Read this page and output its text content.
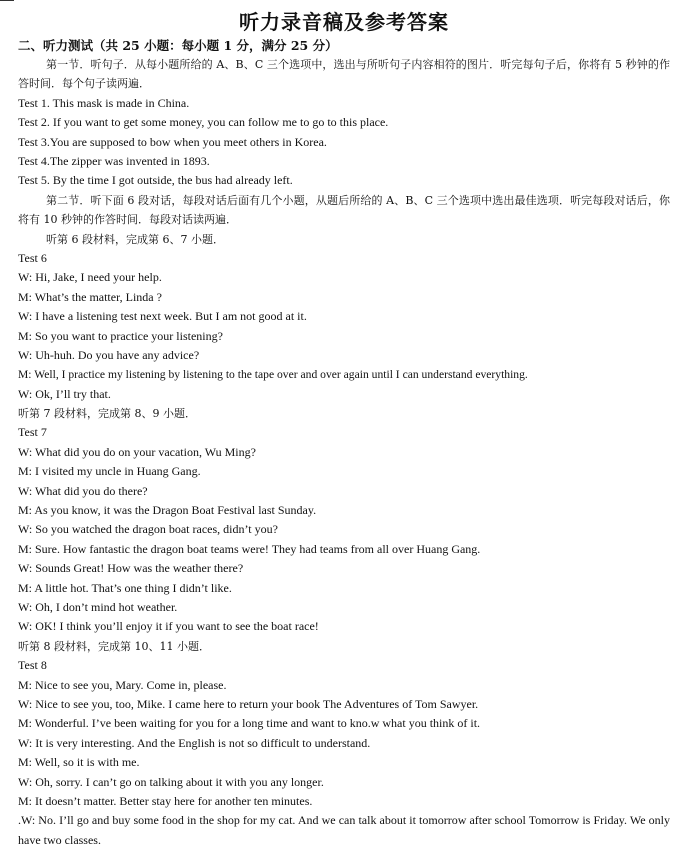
听力录音稿及参考答案
二、听力测试（共 25 小题：每小题 1 分，满分 25 分）
第一节．听句子．从每小题所给的 A、B、C 三个选项中，选出与所听句子内容相符的图片．听完每句子后，你将有 5 秒钟的作答时间．每个句子读两遍．
Test 1. This mask is made in China.
Test 2. If you want to get some money, you can follow me to go to this place.
Test 3.You are supposed to bow when you meet others in Korea.
Test 4.The zipper was invented in 1893.
Test 5. By the time I got outside, the bus had already left.
第二节．听下面 6 段对话，每段对话后面有几个小题，从题后所给的 A、B、C 三个选项中选出最佳选项．听完每段对话后，你将有 10 秒钟的作答时间．每段对话读两遍．
听第 6 段材料，完成第 6、7 小题．
Test 6
W: Hi, Jake, I need your help.
M: What’s the matter, Linda ?
W: I have a listening test next week. But I am not good at it.
M: So you want to practice your listening?
W: Uh-huh. Do you have any advice?
M: Well, I practice my listening by listening to the tape over and over again until I can understand everything.
W: Ok, I’ll try that.
听第 7 段材料，完成第 8、9 小题．
Test 7
W: What did you do on your vacation, Wu Ming?
M: I visited my uncle in Huang Gang.
W: What did you do there?
M: As you know, it was the Dragon Boat Festival last Sunday.
W: So you watched the dragon boat races, didn’t you?
M: Sure. How fantastic the dragon boat teams were! They had teams from all over Huang Gang.
W: Sounds Great! How was the weather there?
M: A little hot. That’s one thing I didn’t like.
W: Oh, I don’t mind hot weather.
W: OK! I think you’ll enjoy it if you want to see the boat race!
听第 8 段材料，完成第 10、11 小题．
Test 8
M: Nice to see you, Mary. Come in, please.
W: Nice to see you, too, Mike. I came here to return your book The Adventures of Tom Sawyer.
M: Wonderful. I’ve been waiting for you for a long time and want to kno.w what you think of it.
W: It is very interesting. And the English is not so difficult to understand.
M: Well, so it is with me.
W: Oh, sorry. I can’t go on talking about it with you any longer.
M: It doesn’t matter. Better stay here for another ten minutes.
.W: No. I’ll go and buy some food in the shop for my cat. And we can talk about it tomorrow after school Tomorrow is Friday. We only have two classes.
